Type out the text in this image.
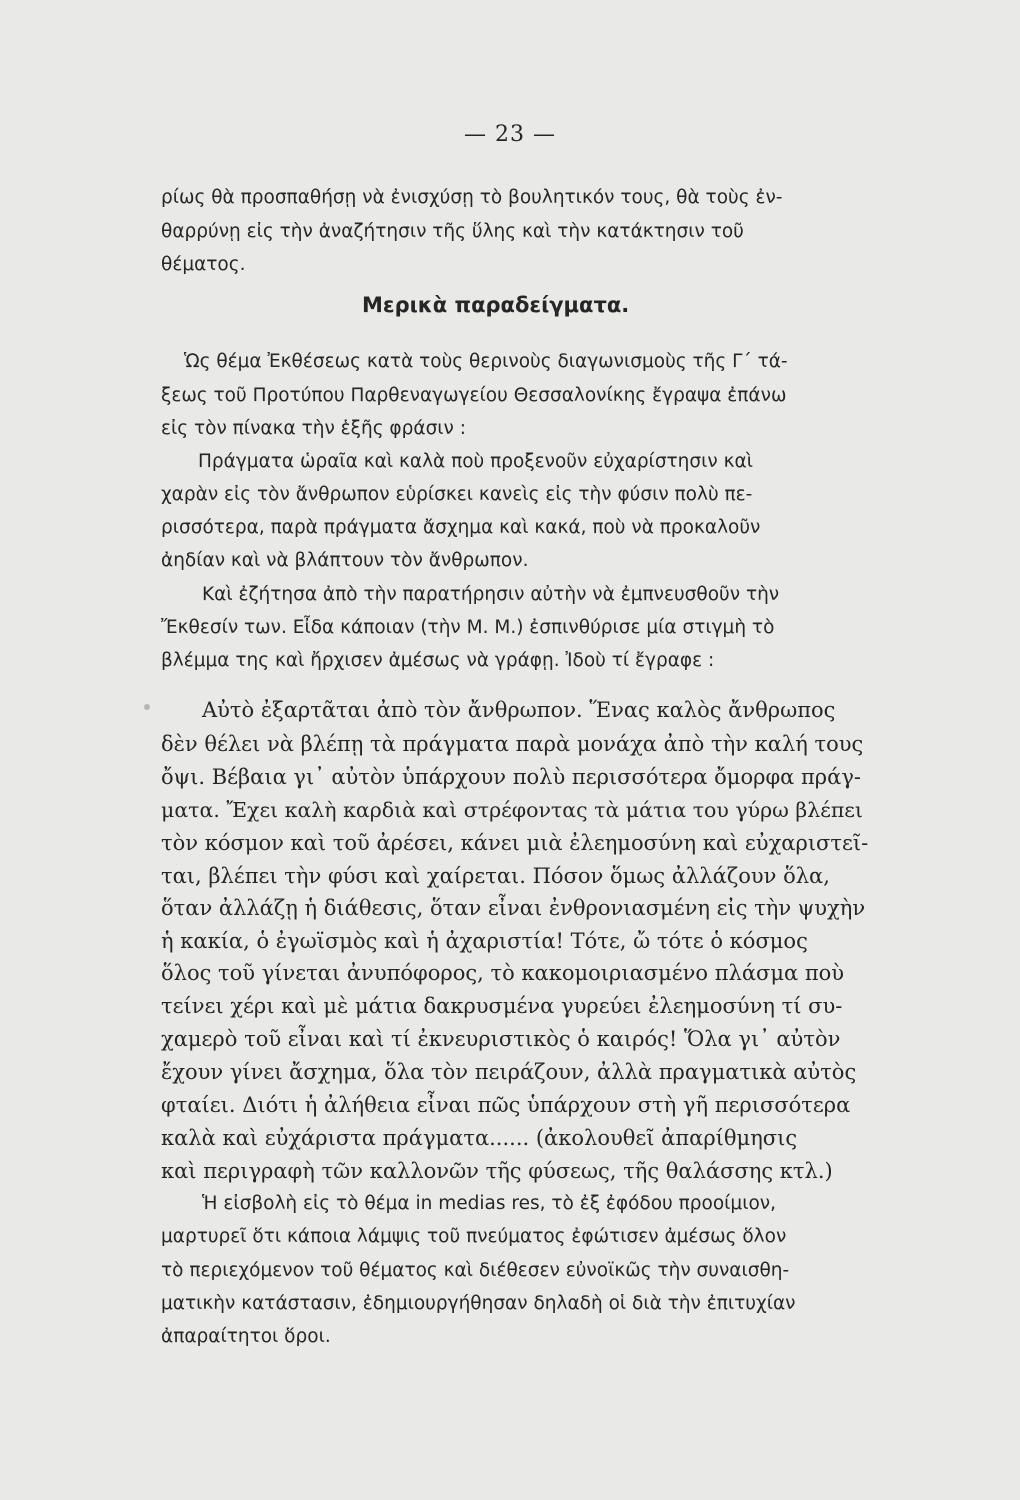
— 23 —

ρίως θὰ προσπαθήσῃ νὰ ἐνισχύσῃ τὸ βουλητικόν τους, θὰ τοὺς ἐν-

θαρρύνῃ εἰς τὴν ἀναζήτησιν τῆς ὕλης καὶ τὴν κατάκτησιν τοῦ

θέματος.

Μερικὰ παραδείγματα.

Ὡς θέμα Ἐκθέσεως κατὰ τοὺς θερινοὺς διαγωνισμοὺς τῆς Γ΄ τά-

ξεως τοῦ Προτύπου Παρθεναγωγείου Θεσσαλονίκης ἔγραψα ἐπάνω

εἰς τὸν πίνακα τὴν ἑξῆς φράσιν :

Πράγματα ὡραῖα καὶ καλὰ ποὺ προξενοῦν εὐχαρίστησιν καὶ

χαρὰν εἰς τὸν ἄνθρωπον εὑρίσκει κανεὶς εἰς τὴν φύσιν πολὺ πε-

ρισσότερα, παρὰ πράγματα ἄσχημα καὶ κακά, ποὺ νὰ προκαλοῦν

ἀηδίαν καὶ νὰ βλάπτουν τὸν ἄνθρωπον.

Καὶ ἐζήτησα ἀπὸ τὴν παρατήρησιν αὐτὴν νὰ ἐμπνευσθοῦν τὴν

Ἔκθεσίν των. Εἶδα κάποιαν (τὴν Μ. Μ.) ἐσπινθύρισε μία στιγμὴ τὸ

βλέμμα της καὶ ἤρχισεν ἀμέσως νὰ γράφῃ. Ἰδοὺ τί ἔγραφε :

Αὐτὸ ἐξαρτᾶται ἀπὸ τὸν ἄνθρωπον. Ἕνας καλὸς ἄνθρωπος

δὲν θέλει νὰ βλέπῃ τὰ πράγματα παρὰ μονάχα ἀπὸ τὴν καλή τους

ὄψι. Βέβαια γι᾽ αὐτὸν ὑπάρχουν πολὺ περισσότερα ὄμορφα πράγ-

ματα. Ἔχει καλὴ καρδιὰ καὶ στρέφοντας τὰ μάτια του γύρω βλέπει

τὸν κόσμον καὶ τοῦ ἀρέσει, κάνει μιὰ ἐλεημοσύνη καὶ εὐχαριστεῖ-

ται, βλέπει τὴν φύσι καὶ χαίρεται. Πόσον ὅμως ἀλλάζουν ὅλα,

ὅταν ἀλλάζῃ ἡ διάθεσις, ὅταν εἶναι ἐνθρονιασμένη εἰς τὴν ψυχὴν

ἡ κακία, ὁ ἐγωϊσμὸς καὶ ἡ ἀχαριστία! Τότε, ὤ τότε ὁ κόσμος

ὅλος τοῦ γίνεται ἀνυπόφορος, τὸ κακομοιριασμένο πλάσμα ποὺ

τείνει χέρι καὶ μὲ μάτια δακρυσμένα γυρεύει ἐλεημοσύνη τί συ-

χαμερὸ τοῦ εἶναι καὶ τί ἐκνευριστικὸς ὁ καιρός! Ὅλα γι᾽ αὐτὸν

ἔχουν γίνει ἄσχημα, ὅλα τὸν πειράζουν, ἀλλὰ πραγματικὰ αὐτὸς

φταίει. Διότι ἡ ἀλήθεια εἶναι πῶς ὑπάρχουν στὴ γῆ περισσότερα

καλὰ καὶ εὐχάριστα πράγματα...... (ἀκολουθεῖ ἀπαρίθμησις

καὶ περιγραφὴ τῶν καλλονῶν τῆς φύσεως, τῆς θαλάσσης κτλ.)

Ἡ εἰσβολὴ εἰς τὸ θέμα in medias res, τὸ ἐξ ἐφόδου προοίμιον,

μαρτυρεῖ ὅτι κάποια λάμψις τοῦ πνεύματος ἐφώτισεν ἀμέσως ὅλον

τὸ περιεχόμενον τοῦ θέματος καὶ διέθεσεν εὐνοϊκῶς τὴν συναισθη-

ματικὴν κατάστασιν, ἐδημιουργήθησαν δηλαδὴ οἱ διὰ τὴν ἐπιτυχίαν

ἀπαραίτητοι ὅροι.
